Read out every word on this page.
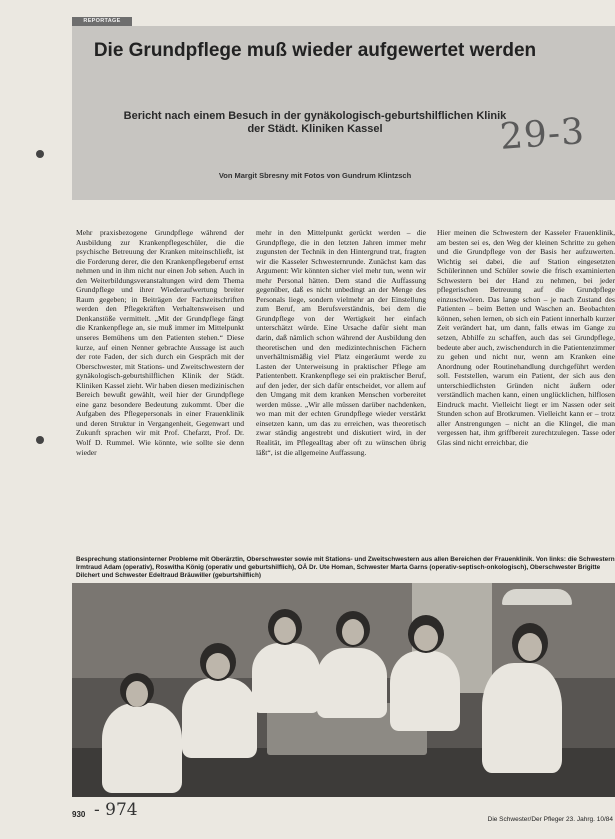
REPORTAGE
Die Grundpflege muß wieder aufgewertet werden
Bericht nach einem Besuch in der gynäkologisch-geburtshilflichen Klinik der Städt. Kliniken Kassel	29-3
Von Margit Sbresny mit Fotos von Gundrum Klintzsch

Mehr praxisbezogene Grundpflege während der Ausbildung zur Krankenpflegeschüler, die die psychische Betreuung der Kranken miteinschließt, ist die Forderung derer, die den Krankenpflegeberuf ernst nehmen und in ihm nicht nur einen Job sehen. Auch in den Weiterbildungsveranstaltungen wird dem Thema Grundpflege und ihrer Wiederaufwertung breiter Raum gegeben; in Beiträgen der Fachzeitschriften werden den Pflegekräften Verhaltensweisen und Denkanstöße vermittelt. „Mit der Grundpflege fängt die Krankenpflege an, sie muß immer im Mittelpunkt unseres Bemühens um den Patienten stehen.“ Diese kurze, auf einen Nenner gebrachte Aussage ist auch der rote Faden, der sich durch ein Gespräch mit der Oberschwester, mit Stations- und Zweitschwestern der gynäkologisch-geburtshilflichen Klinik der Städt. Kliniken Kassel zieht. Wir haben diesen medizinischen Bereich bewußt gewählt, weil hier der Grundpflege eine ganz besondere Bedeutung zukommt. Über die Aufgaben des Pflegepersonals in einer Frauenklinik und deren Struktur in Vergangenheit, Gegenwart und Zukunft sprachen wir mit Prof. Chefarzt, Prof. Dr. Wolf D. Rummel. Wie könnte, wie sollte sie denn wieder

mehr in den Mittelpunkt gerückt werden – die Grundpflege, die in den letzten Jahren immer mehr zugunsten der Technik in den Hintergrund trat, fragten wir die Kasseler Schwesternrunde. Zunächst kam das Argument: Wir könnten sicher viel mehr tun, wenn wir mehr Personal hätten. Dem stand die Auffassung gegenüber, daß es nicht unbedingt an der Menge des Personals liege, sondern vielmehr an der Einstellung zum Beruf, am Berufsverständnis, bei dem die Grundpflege von der Wertigkeit her einfach unterschätzt würde. Eine Ursache dafür sieht man darin, daß nämlich schon während der Ausbildung den theoretischen und den medizintechnischen Fächern unverhältnismäßig viel Platz eingeräumt werde zu Lasten der Unterweisung in praktischer Pflege am Patientenbett. Krankenpflege sei ein praktischer Beruf, auf den jeder, der sich dafür entscheidet, vor allem auf den Umgang mit dem kranken Menschen vorbereitet werden müsse. „Wir alle müssen darüber nachdenken, wo man mit der echten Grundpflege wieder verstärkt einsetzen kann, um das zu erreichen, was theoretisch zwar ständig angestrebt und diskutiert wird, in der Realität, im Pflegealltag aber oft zu wünschen übrig läßt“, ist die allgemeine Auffassung.

Hier meinen die Schwestern der Kasseler Frauenklinik, am besten sei es, den Weg der kleinen Schritte zu gehen und die Grundpflege von der Basis her aufzuwerten. Wichtig sei dabei, die auf Station eingesetzten Schülerinnen und Schüler sowie die frisch examinierten Schwestern bei der Hand zu nehmen, bei jeder pflegerischen Betreuung auf die Grundpflege einzuschwören. Das lange schon – je nach Zustand des Patienten – beim Betten und Waschen an. Beobachten können, sehen lernen, ob sich ein Patient innerhalb kurzer Zeit verändert hat, um dann, falls etwas im Gange zu setzen, Abhilfe zu schaffen, auch das sei Grundpflege, bedeute aber auch, zwischendurch in die Patientenzimmer zu gehen und nicht nur, wenn am Kranken eine Anordnung oder Routinehandlung durchgeführt werden soll. Feststellen, warum ein Patient, der sich aus den unterschiedlichsten Gründen nicht äußern oder verständlich machen kann, einen unglücklichen, hilflosen Eindruck macht. Vielleicht liegt er im Nassen oder seit Stunden schon auf Brotkrumen. Vielleicht kann er – trotz aller Anstrengungen – nicht an die Klingel, die man vergessen hat, ihm griffbereit zurechtzulegen. Tasse oder Glas sind nicht erreichbar, die

Besprechung stationsinterner Probleme mit Oberärztin, Oberschwester sowie mit Stations- und Zweitschwestern aus allen Bereichen der Frauenklinik. Von links: die Schwestern Irmtraud Adam (operativ), Roswitha König (operativ und geburtshilflich), OÄ Dr. Ute Homan, Schwester Marta Garns (operativ-septisch-onkologisch), Oberschwester Brigitte Dilchert und Schwester Edeltraud Bräuwiller (geburtshilflich)
930 - 974	Die Schwester/Der Pfleger 23. Jahrg. 10/84
